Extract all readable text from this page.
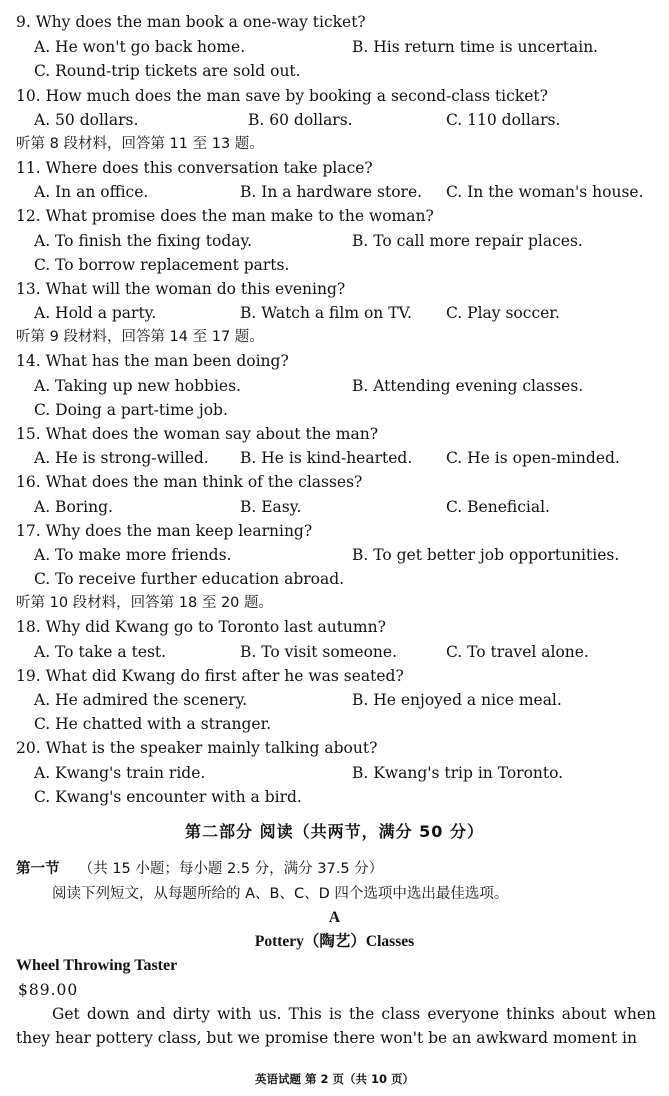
9. Why does the man book a one-way ticket?
A. He won't go back home.	B. His return time is uncertain.
C. Round-trip tickets are sold out.
10. How much does the man save by booking a second-class ticket?
A. 50 dollars.	B. 60 dollars.	C. 110 dollars.
听第 8 段材料，回答第 11 至 13 题。
11. Where does this conversation take place?
A. In an office.	B. In a hardware store. C. In the woman's house.
12. What promise does the man make to the woman?
A. To finish the fixing today.	B. To call more repair places.
C. To borrow replacement parts.
13. What will the woman do this evening?
A. Hold a party.	B. Watch a film on TV. C. Play soccer.
听第 9 段材料，回答第 14 至 17 题。
14. What has the man been doing?
A. Taking up new hobbies.	B. Attending evening classes.
C. Doing a part-time job.
15. What does the woman say about the man?
A. He is strong-willed. B. He is kind-hearted. C. He is open-minded.
16. What does the man think of the classes?
A. Boring.	B. Easy.	C. Beneficial.
17. Why does the man keep learning?
A. To make more friends.	B. To get better job opportunities.
C. To receive further education abroad.
听第 10 段材料，回答第 18 至 20 题。
18. Why did Kwang go to Toronto last autumn?
A. To take a test.	B. To visit someone.	C. To travel alone.
19. What did Kwang do first after he was seated?
A. He admired the scenery.	B. He enjoyed a nice meal.
C. He chatted with a stranger.
20. What is the speaker mainly talking about?
A. Kwang's train ride.	B. Kwang's trip in Toronto.
C. Kwang's encounter with a bird.
第二部分 阅读（共两节，满分 50 分）
第一节 （共 15 小题；每小题 2.5 分，满分 37.5 分）
阅读下列短文，从每题所给的 A、B、C、D 四个选项中选出最佳选项。
A
Pottery（陶艺）Classes
Wheel Throwing Taster
$89.00
Get down and dirty with us. This is the class everyone thinks about when they hear pottery class, but we promise there won't be an awkward moment in
英语试题 第 2 页（共 10 页）
